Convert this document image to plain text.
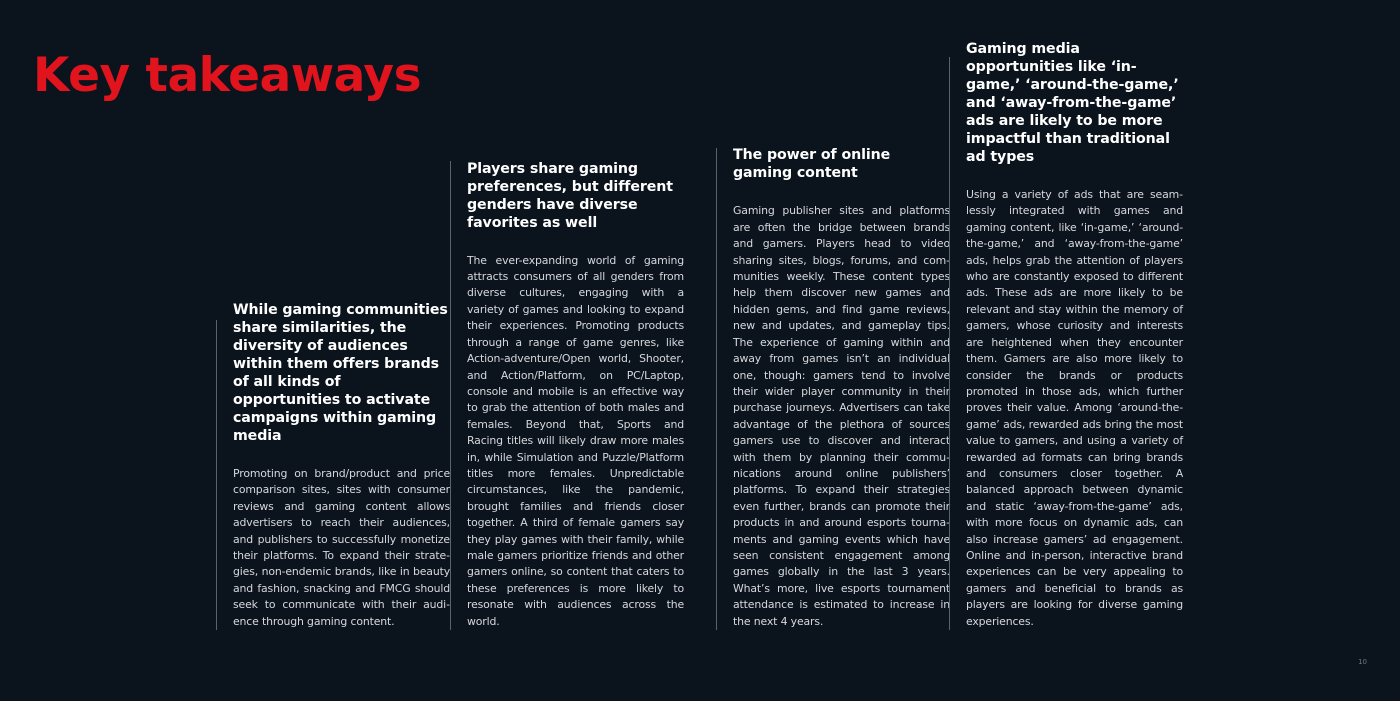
Key takeaways
While gaming communities share similarities, the diversity of audiences within them offers brands of all kinds of opportunities to activate campaigns within gaming media

Promoting on brand/product and price comparison sites, sites with consumer reviews and gaming content allows advertisers to reach their audiences, and publishers to successfully monetize their platforms. To expand their strategies, non-endemic brands, like in beauty and fashion, snacking and FMCG should seek to communicate with their audience through gaming content.

Players share gaming preferences, but different genders have diverse favorites as well

The ever-expanding world of gaming attracts consumers of all genders from diverse cultures, engaging with a variety of games and looking to expand their experiences. Promoting products through a range of game genres, like Action-adventure/Open world, Shooter, and Action/Platform, on PC/Laptop, console and mobile is an effective way to grab the attention of both males and females. Beyond that, Sports and Racing titles will likely draw more males in, while Simulation and Puzzle/Platform titles more females. Unpredictable circumstances, like the pandemic, brought families and friends closer together. A third of female gamers say they play games with their family, while male gamers prioritize friends and other gamers online, so content that caters to these preferences is more likely to resonate with audiences across the world.

The power of online gaming content

Gaming publisher sites and platforms are often the bridge between brands and gamers. Players head to video sharing sites, blogs, forums, and communities weekly. These content types help them discover new games and hidden gems, and find game reviews, new and updates, and gameplay tips. The experience of gaming within and away from games isn’t an individual one, though: gamers tend to involve their wider player community in their purchase journeys. Advertisers can take advantage of the plethora of sources gamers use to discover and interact with them by planning their communications around online publishers’ platforms. To expand their strategies even further, brands can promote their products in and around esports tournaments and gaming events which have seen consistent engagement among games globally in the last 3 years. What’s more, live esports tournament attendance is estimated to increase in the next 4 years.

Gaming media opportunities like ‘in-game,’ ‘around-the-game,’ and ‘away-from-the-game’ ads are likely to be more impactful than traditional ad types

Using a variety of ads that are seamlessly integrated with games and gaming content, like ‘in-game,’ ‘around-the-game,’ and ‘away-from-the-game’ ads, helps grab the attention of players who are constantly exposed to different ads. These ads are more likely to be relevant and stay within the memory of gamers, whose curiosity and interests are heightened when they encounter them. Gamers are also more likely to consider the brands or products promoted in those ads, which further proves their value. Among ‘around-the-game’ ads, rewarded ads bring the most value to gamers, and using a variety of rewarded ad formats can bring brands and consumers closer together. A balanced approach between dynamic and static ‘away-from-the-game’ ads, with more focus on dynamic ads, can also increase gamers’ ad engagement. Online and in-person, interactive brand experiences can be very appealing to gamers and beneficial to brands as players are looking for diverse gaming experiences.

10
